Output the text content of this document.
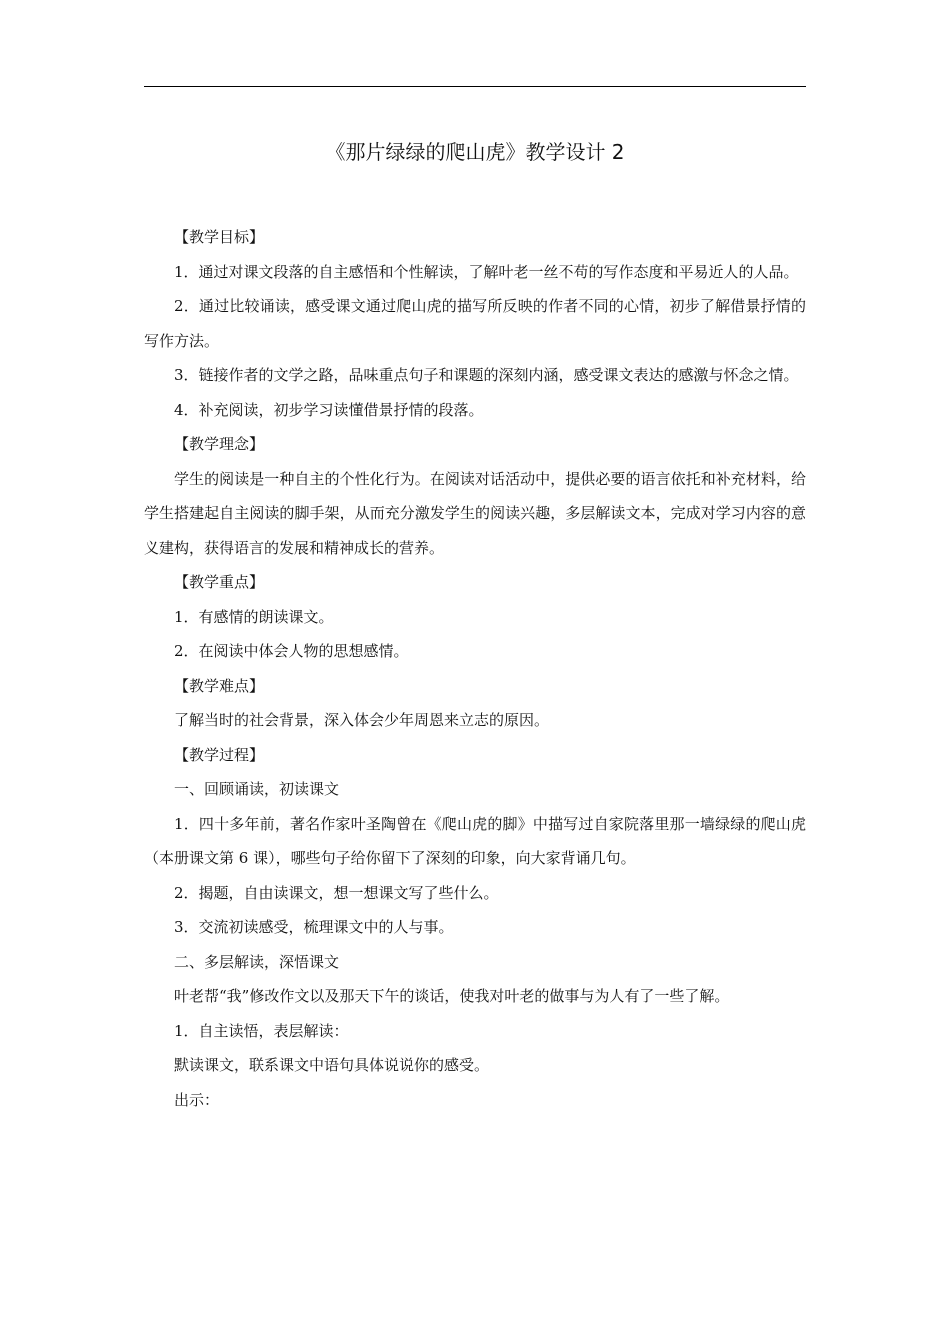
《那片绿绿的爬山虎》教学设计 2

【教学目标】

1．通过对课文段落的自主感悟和个性解读，了解叶老一丝不苟的写作态度和平易近人的人品。

2．通过比较诵读，感受课文通过爬山虎的描写所反映的作者不同的心情，初步了解借景抒情的写作方法。

3．链接作者的文学之路，品味重点句子和课题的深刻内涵，感受课文表达的感激与怀念之情。

4．补充阅读，初步学习读懂借景抒情的段落。

【教学理念】

学生的阅读是一种自主的个性化行为。在阅读对话活动中，提供必要的语言依托和补充材料，给学生搭建起自主阅读的脚手架，从而充分激发学生的阅读兴趣，多层解读文本，完成对学习内容的意义建构，获得语言的发展和精神成长的营养。

【教学重点】

1．有感情的朗读课文。

2．在阅读中体会人物的思想感情。

【教学难点】

了解当时的社会背景，深入体会少年周恩来立志的原因。

【教学过程】

一、回顾诵读，初读课文

1．四十多年前，著名作家叶圣陶曾在《爬山虎的脚》中描写过自家院落里那一墙绿绿的爬山虎（本册课文第 6 课），哪些句子给你留下了深刻的印象，向大家背诵几句。

2．揭题，自由读课文，想一想课文写了些什么。

3．交流初读感受，梳理课文中的人与事。

二、多层解读，深悟课文

叶老帮“我”修改作文以及那天下午的谈话，使我对叶老的做事与为人有了一些了解。

1．自主读悟，表层解读：

默读课文，联系课文中语句具体说说你的感受。

出示：
